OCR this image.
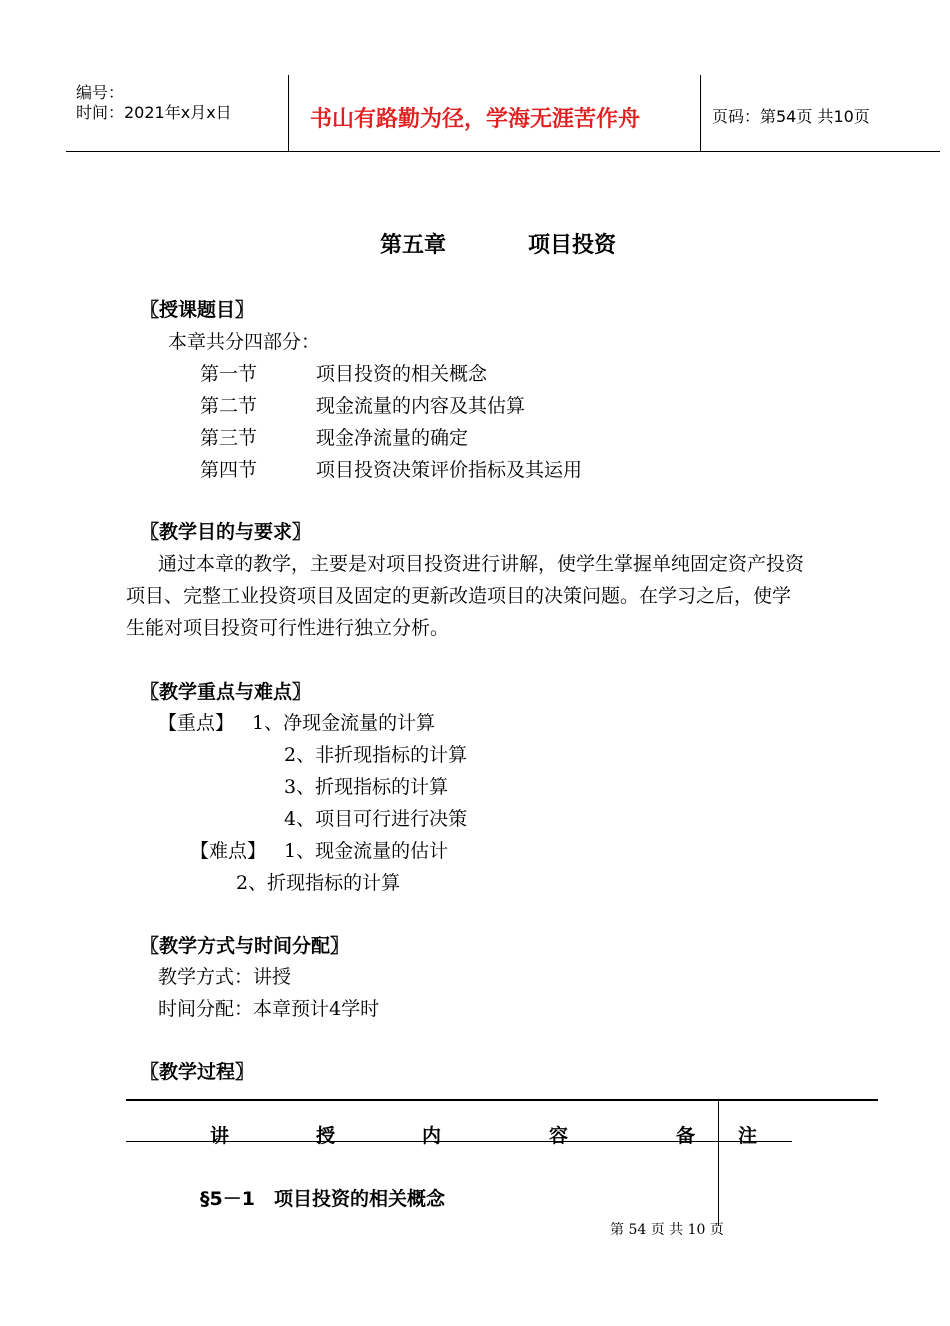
编号：
时间：2021年x月x日	书山有路勤为径，学海无涯苦作舟	页码：第54页 共10页
第五章	项目投资
〖授课题目〗
本章共分四部分：
第一节	项目投资的相关概念
第二节	现金流量的内容及其估算
第三节	现金净流量的确定
第四节	项目投资决策评价指标及其运用
〖教学目的与要求〗
通过本章的教学，主要是对项目投资进行讲解，使学生掌握单纯固定资产投资
项目、完整工业投资项目及固定的更新改造项目的决策问题。在学习之后，使学
生能对项目投资可行性进行独立分析。
〖教学重点与难点〗
【重点】 1、净现金流量的计算
2、非折现指标的计算
3、折现指标的计算
4、项目可行进行决策
【难点】 1、现金流量的估计
2、折现指标的计算
〖教学方式与时间分配〗
教学方式：讲授
时间分配：本章预计4学时
〖教学过程〗
讲	授	内	容	备 注
§5－1　项目投资的相关概念
第 54 页 共 10 页
